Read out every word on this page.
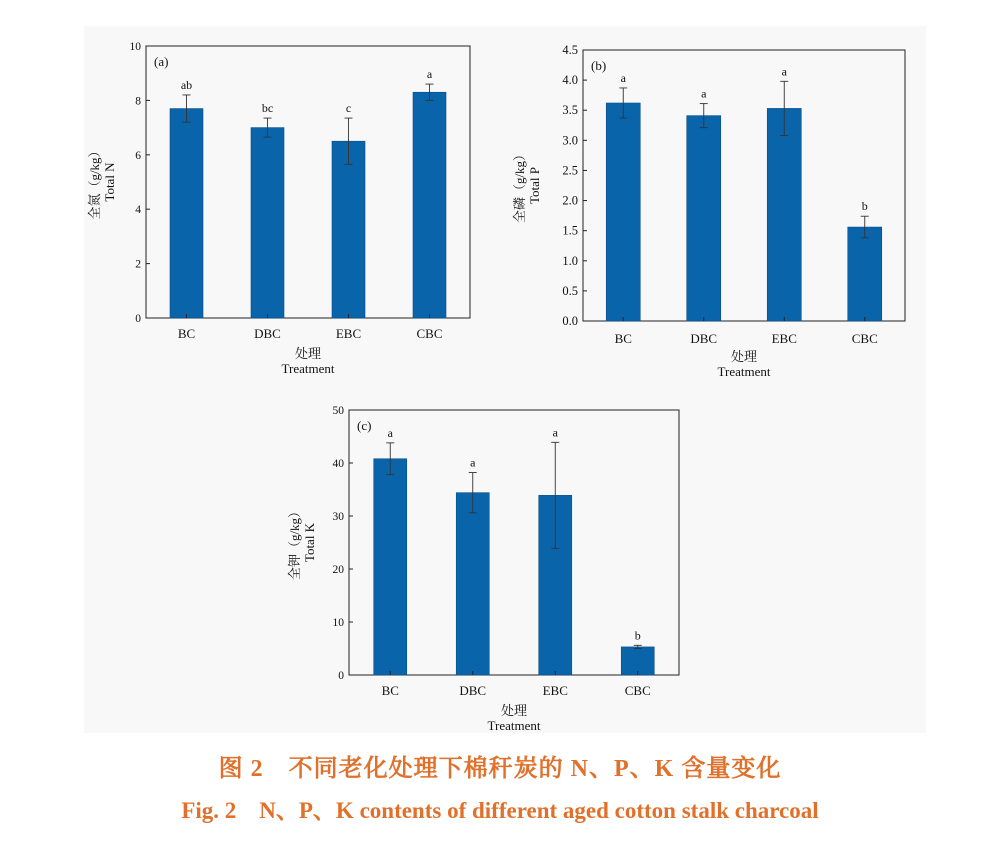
0
2
4
6
8
10
ab
BC
bc
DBC
c
EBC
a
CBC
(a)
处理
Treatment
全氮（g/kg） Total N
0.0
0.5
1.0
1.5
2.0
2.5
3.0
3.5
4.0
4.5
a
BC
a
DBC
a
EBC
b
CBC
(b)
处理
Treatment
全磷（g/kg） Total P
0
10
20
30
40
50
a
BC
a
DBC
a
EBC
b
CBC
(c)
处理
Treatment
全钾（g/kg） Total K
图 2　不同老化处理下棉秆炭的 N、P、K 含量变化
Fig. 2　N、P、K contents of different aged cotton stalk charcoal
